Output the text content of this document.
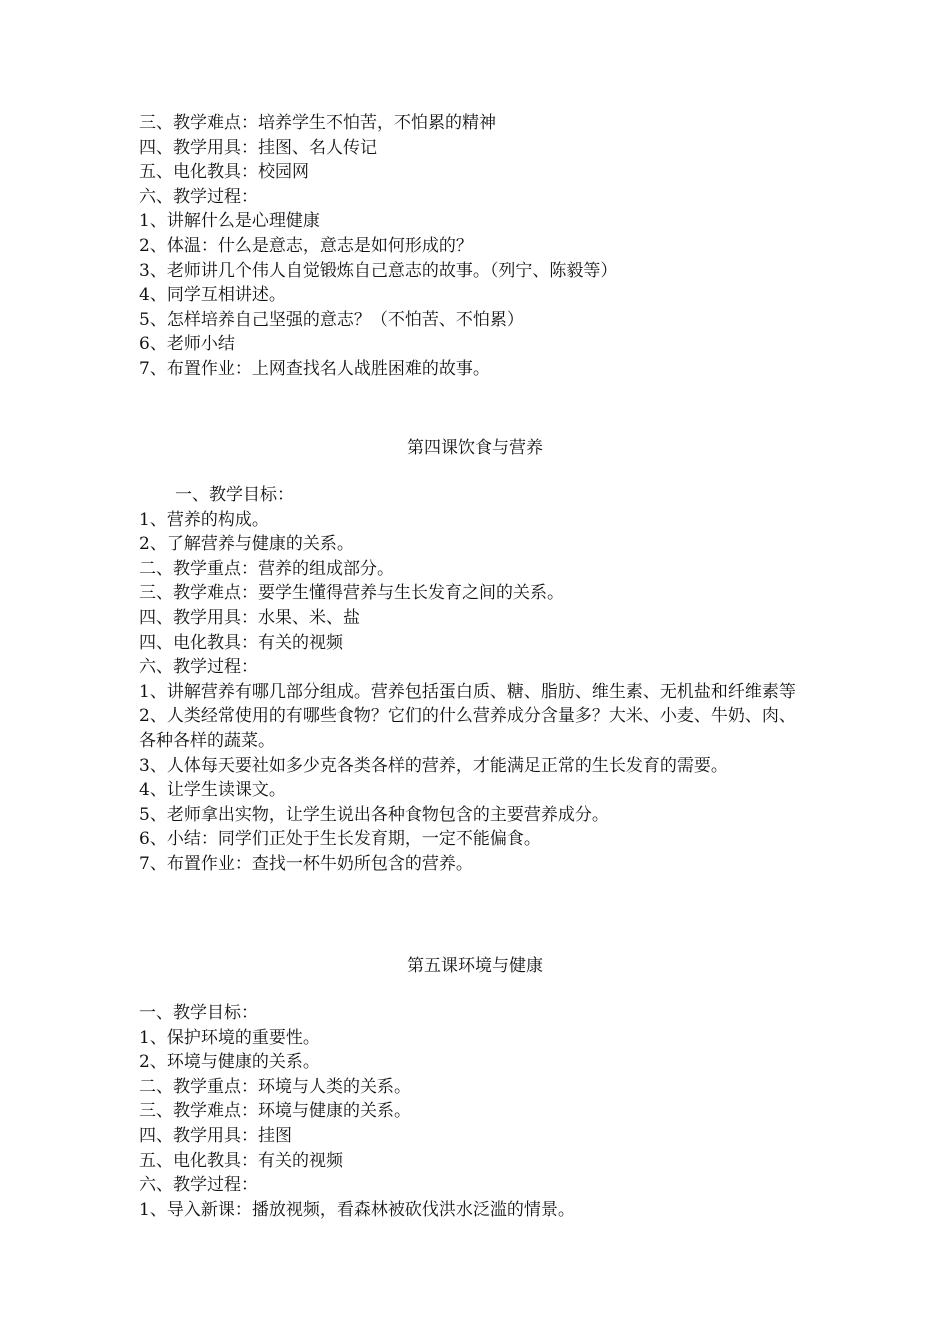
三、教学难点：培养学生不怕苦，不怕累的精神
四、教学用具：挂图、名人传记
五、电化教具：校园网
六、教学过程：
1、讲解什么是心理健康
2、体温：什么是意志，意志是如何形成的？
3、老师讲几个伟人自觉锻炼自己意志的故事。（列宁、陈毅等）
4、同学互相讲述。
5、怎样培养自己坚强的意志？（不怕苦、不怕累）
6、老师小结
7、布置作业：上网查找名人战胜困难的故事。
第四课饮食与营养
一、教学目标：
1、营养的构成。
2、了解营养与健康的关系。
二、教学重点：营养的组成部分。
三、教学难点：要学生懂得营养与生长发育之间的关系。
四、教学用具：水果、米、盐
四、电化教具：有关的视频
六、教学过程：
1、讲解营养有哪几部分组成。营养包括蛋白质、糖、脂肪、维生素、无机盐和纤维素等
2、人类经常使用的有哪些食物？它们的什么营养成分含量多？大米、小麦、牛奶、肉、各种各样的蔬菜。
3、人体每天要社如多少克各类各样的营养，才能满足正常的生长发育的需要。
4、让学生读课文。
5、老师拿出实物，让学生说出各种食物包含的主要营养成分。
6、小结：同学们正处于生长发育期，一定不能偏食。
7、布置作业：查找一杯牛奶所包含的营养。
第五课环境与健康
一、教学目标：
1、保护环境的重要性。
2、环境与健康的关系。
二、教学重点：环境与人类的关系。
三、教学难点：环境与健康的关系。
四、教学用具：挂图
五、电化教具：有关的视频
六、教学过程：
1、导入新课：播放视频，看森林被砍伐洪水泛滥的情景。
